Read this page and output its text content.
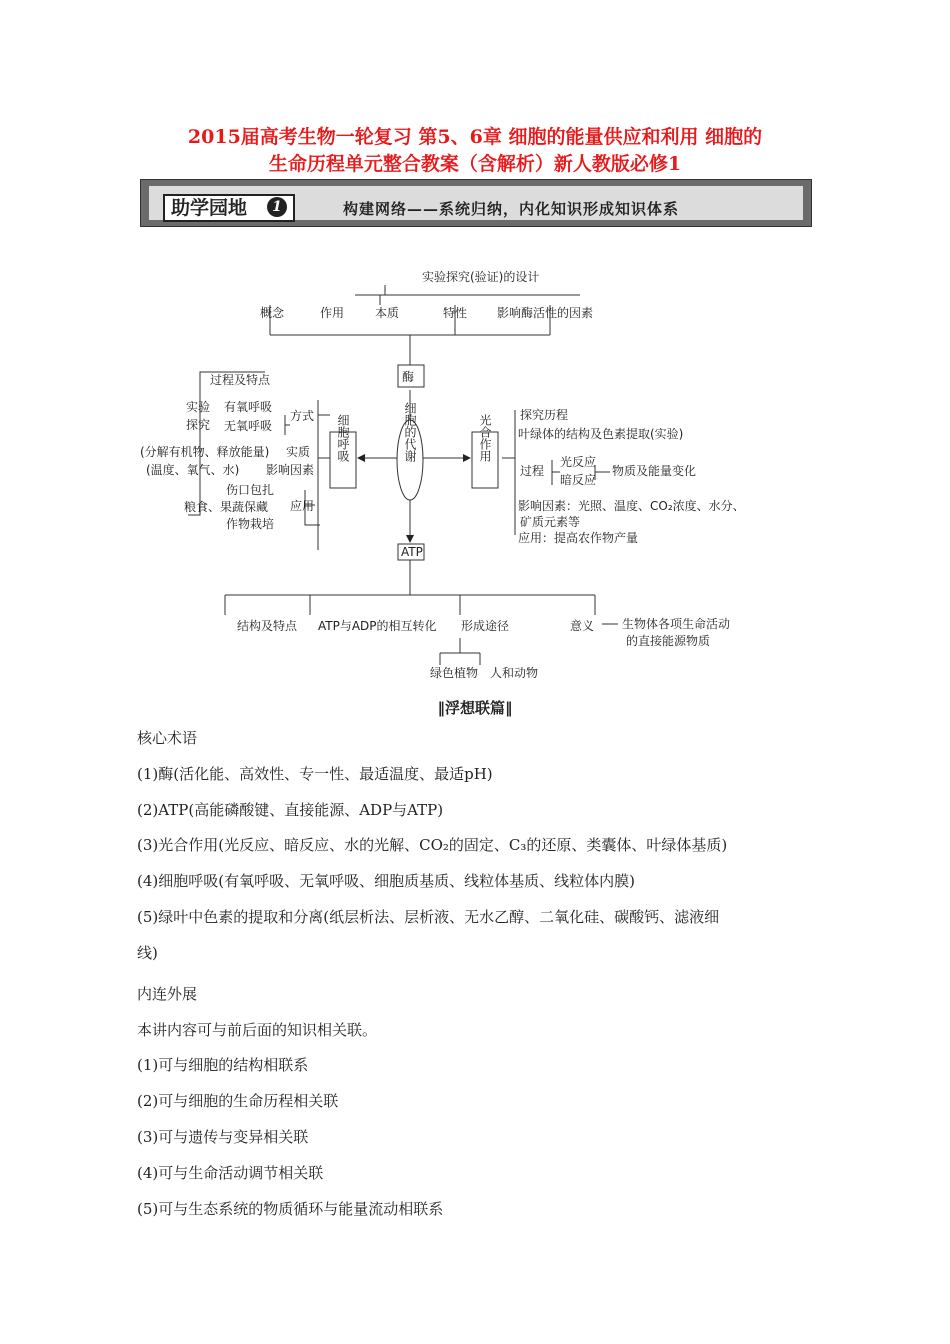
2015届高考生物一轮复习 第5、6章 细胞的能量供应和利用 细胞的
生命历程单元整合教案（含解析）新人教版必修1
助学园地	1	构建网络——系统归纳，内化知识形成知识体系
实验探究(验证)的设计
概念	作用	本质	特性 影响酶活性的因素
酶
细胞的代谢
ATP
细胞呼吸
过程及特点
实验
探究
有氧呼吸
无氧呼吸
方式
(分解有机物、释放能量) 实质
(温度、氧气、水) 影响因素
伤口包扎
粮食、果蔬保藏
作物栽培
应用
光合作用 探究历程
叶绿体的结构及色素提取(实验)
过程
光反应
暗反应
物质及能量变化
影响因素：光照、温度、CO₂浓度、水分、
矿质元素等
应用：提高农作物产量
结构及特点 ATP与ADP的相互转化 形成途径	意义 生物体各项生命活动
的直接能源物质
绿色植物 人和动物
‖浮想联篇‖
核心术语
(1)酶(活化能、高效性、专一性、最适温度、最适pH)
(2)ATP(高能磷酸键、直接能源、ADP与ATP)
(3)光合作用(光反应、暗反应、水的光解、CO₂的固定、C₃的还原、类囊体、叶绿体基质)
(4)细胞呼吸(有氧呼吸、无氧呼吸、细胞质基质、线粒体基质、线粒体内膜)
(5)绿叶中色素的提取和分离(纸层析法、层析液、无水乙醇、二氧化硅、碳酸钙、滤液细
线)
内连外展
本讲内容可与前后面的知识相关联。
(1)可与细胞的结构相联系
(2)可与细胞的生命历程相关联
(3)可与遗传与变异相关联
(4)可与生命活动调节相关联
(5)可与生态系统的物质循环与能量流动相联系
